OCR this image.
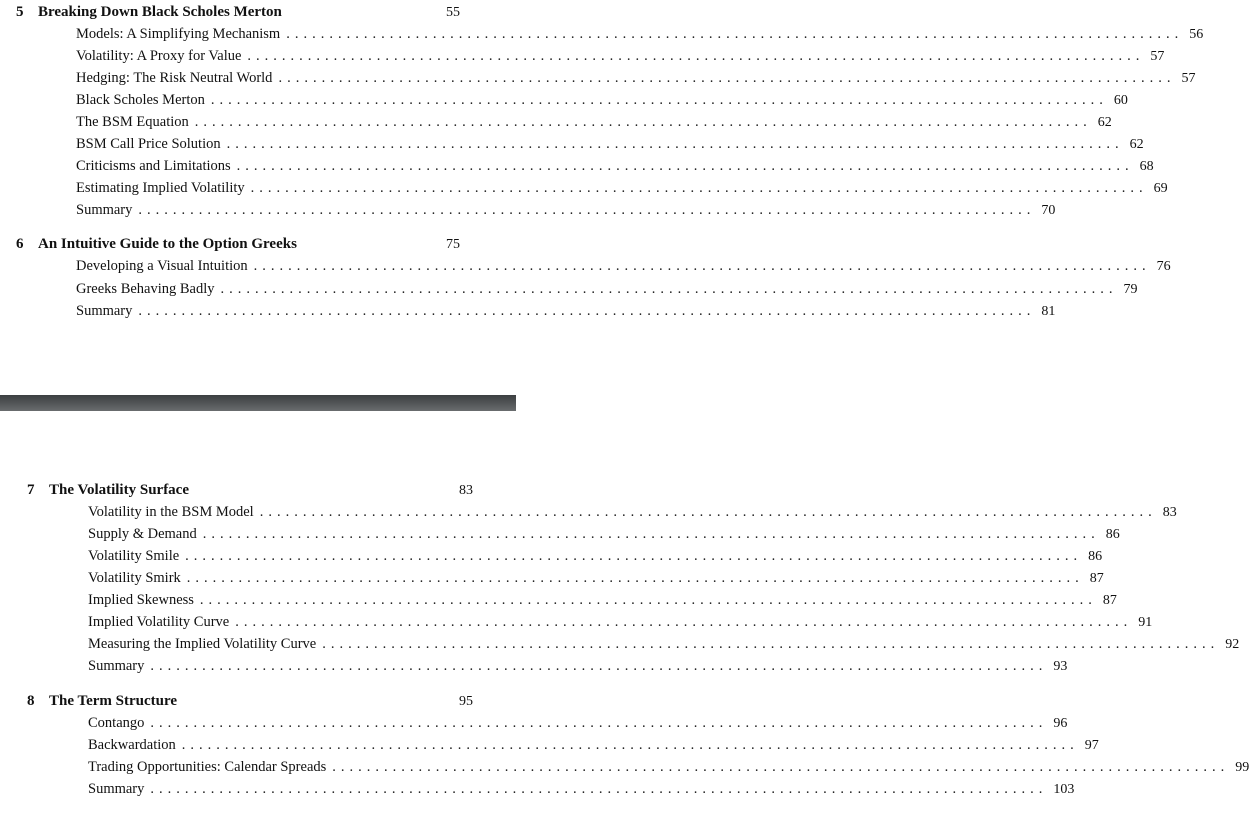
5 Breaking Down Black Scholes Merton	55
Models: A Simplifying Mechanism ........................................................................................................ 56
Volatility: A Proxy for Value ........................................................................................................ 57
Hedging: The Risk Neutral World ........................................................................................................ 57
Black Scholes Merton ........................................................................................................ 60
The BSM Equation ........................................................................................................ 62
BSM Call Price Solution ........................................................................................................ 62
Criticisms and Limitations ........................................................................................................ 68
Estimating Implied Volatility ........................................................................................................ 69
Summary ........................................................................................................ 70
6 An Intuitive Guide to the Option Greeks	75
Developing a Visual Intuition ........................................................................................................ 76
Greeks Behaving Badly ........................................................................................................ 79
Summary ........................................................................................................ 81
7 The Volatility Surface	83
Volatility in the BSM Model ........................................................................................................ 83
Supply & Demand ........................................................................................................ 86
Volatility Smile ........................................................................................................ 86
Volatility Smirk ........................................................................................................ 87
Implied Skewness ........................................................................................................ 87
Implied Volatility Curve ........................................................................................................ 91
Measuring the Implied Volatility Curve ........................................................................................................ 92
Summary ........................................................................................................ 93
8 The Term Structure	95
Contango ........................................................................................................ 96
Backwardation ........................................................................................................ 97
Trading Opportunities: Calendar Spreads ........................................................................................................ 99
Summary ........................................................................................................ 103
